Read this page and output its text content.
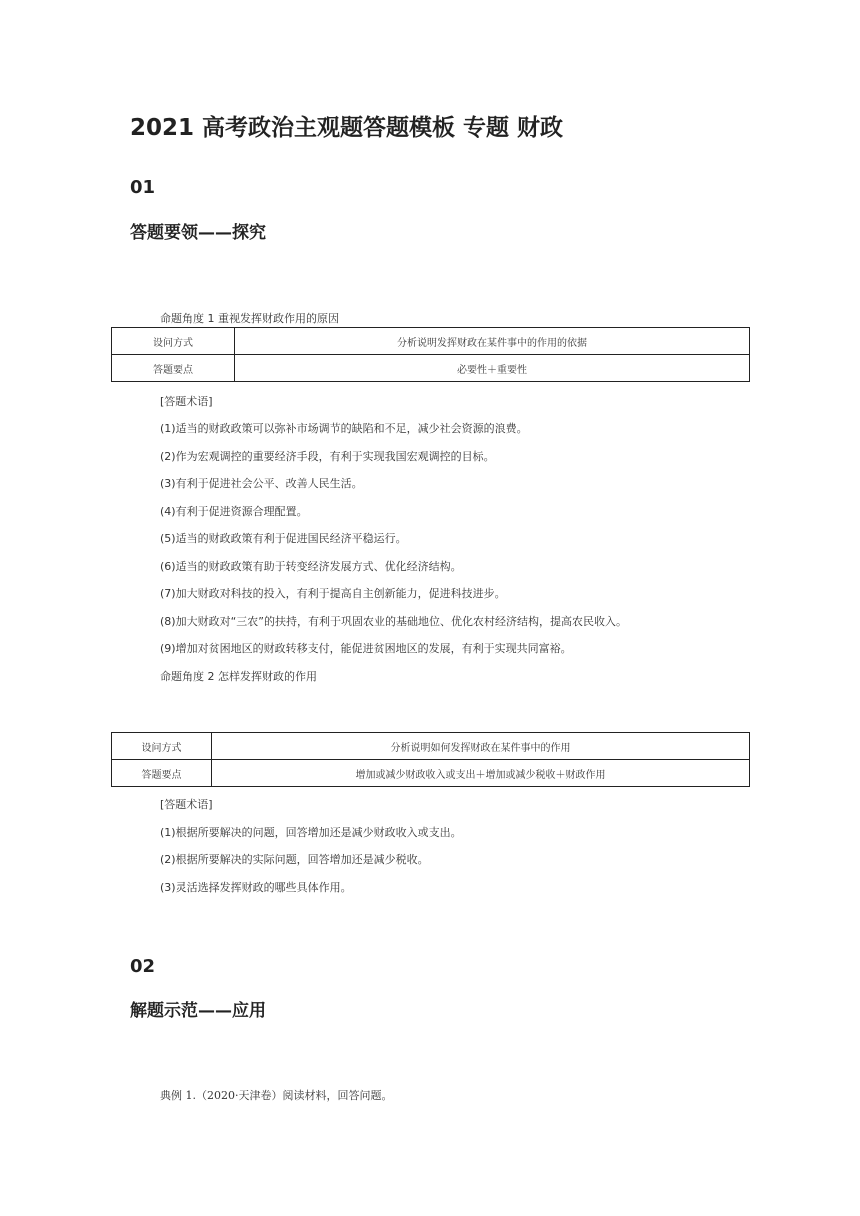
2021 高考政治主观题答题模板 专题 财政
01
答题要领——探究
命题角度 1 重视发挥财政作用的原因
设问方式	分析说明发挥财政在某件事中的作用的依据
答题要点	必要性＋重要性
[答题术语]
(1)适当的财政政策可以弥补市场调节的缺陷和不足，减少社会资源的浪费。
(2)作为宏观调控的重要经济手段，有利于实现我国宏观调控的目标。
(3)有利于促进社会公平、改善人民生活。
(4)有利于促进资源合理配置。
(5)适当的财政政策有利于促进国民经济平稳运行。
(6)适当的财政政策有助于转变经济发展方式、优化经济结构。
(7)加大财政对科技的投入，有利于提高自主创新能力，促进科技进步。
(8)加大财政对“三农”的扶持，有利于巩固农业的基础地位、优化农村经济结构，提高农民收入。
(9)增加对贫困地区的财政转移支付，能促进贫困地区的发展，有利于实现共同富裕。
命题角度 2 怎样发挥财政的作用
设问方式	分析说明如何发挥财政在某件事中的作用
答题要点	增加或减少财政收入或支出＋增加或减少税收＋财政作用
[答题术语]
(1)根据所要解决的问题，回答增加还是减少财政收入或支出。
(2)根据所要解决的实际问题，回答增加还是减少税收。
(3)灵活选择发挥财政的哪些具体作用。
02
解题示范——应用
典例 1.（2020·天津卷）阅读材料，回答问题。
